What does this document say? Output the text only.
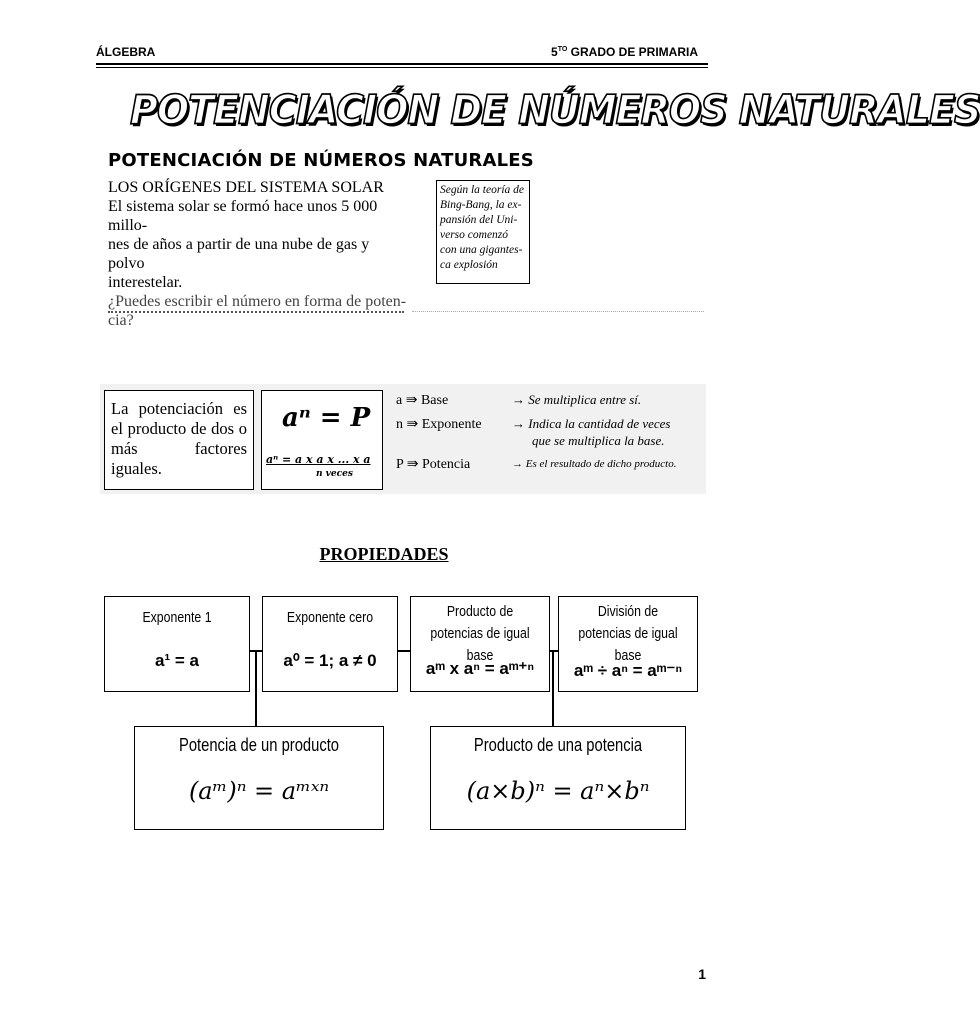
ÁLGEBRA	$5^{TO}$ GRADO DE PRIMARIA
POTENCIACIÓN DE NÚMEROS NATURALES
POTENCIACIÓN DE NÚMEROS NATURALES
LOS ORÍGENES DEL SISTEMA SOLAR
El sistema solar se formó hace unos 5 000 millo-
nes de años a partir de una nube de gas y polvo
interestelar.
¿Puedes escribir el número en forma de poten-
cia?
Según la teoría de
Bing-Bang, la ex-
pansión del Uni-
verso comenzó
con una gigantes-
ca explosión
La potenciación es el producto de dos o más factores iguales.
aⁿ = P
aⁿ = a x a x ... x a
n veces
a ⇛ Base	→ Se multiplica entre sí.
n ⇛ Exponente → Indica la cantidad de veces
que se multiplica la base.
P ⇛ Potencia	→ Es el resultado de dicho producto.
PROPIEDADES
Exponente 1
a¹ = a
Exponente cero
a⁰ = 1; a ≠ 0
Producto de potencias de igual base
aᵐ x aⁿ = aᵐ⁺ⁿ
División de potencias de igual base
aᵐ ÷ aⁿ = aᵐ⁻ⁿ
Potencia de un producto
(aᵐ)ⁿ = aᵐˣⁿ
Producto de una potencia
(a×b)ⁿ = aⁿ×bⁿ
1
